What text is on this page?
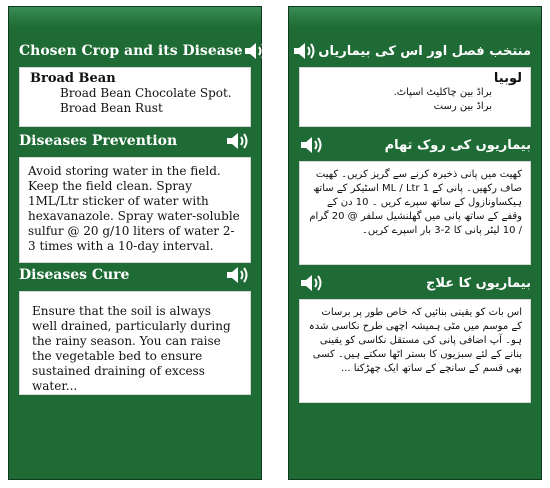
Chosen Crop and its Disease
Broad Bean
Broad Bean Chocolate Spot.
Broad Bean Rust
Diseases Prevention
Avoid storing water in the field. Keep the field clean. Spray 1ML/Ltr sticker of water with hexavanazole. Spray water-soluble sulfur @ 20 g/10 liters of water 2-3 times with a 10-day interval.
Diseases Cure
Ensure that the soil is always well drained, particularly during the rainy season. You can raise the vegetable bed to ensure sustained draining of excess water...
منتخب فصل اور اس کی بیماریاں
لوبیا
براڈ بین چاکلیٹ اسپاٹ.
براڈ بین رست
بیماریوں کی روک تھام
کھیت میں پانی ذخیرہ کرنے سے گریز کریں۔ کھیت صاف رکھیں۔ پانی کے 1 ML / Ltr اسٹیکر کے ساتھ ہیکساونازول کے ساتھ سپرے کریں ۔ 10 دن کے وقفے کے ساتھ پانی میں گھلنشیل سلفر @ 20 گرام / 10 لیٹر پانی کا 2-3 بار اسپرے کریں۔
بیماریوں کا علاج
اس بات کو یقینی بنائیں کہ خاص طور پر برسات کے موسم میں مٹی ہمیشہ اچھی طرح نکاسی شدہ ہو۔ آپ اضافی پانی کی مستقل نکاسی کو یقینی بنانے کے لئے سبزیوں کا بستر اٹھا سکتے ہیں۔ کسی بھی قسم کے سانچے کے ساتھ ایک چھڑکنا ...
